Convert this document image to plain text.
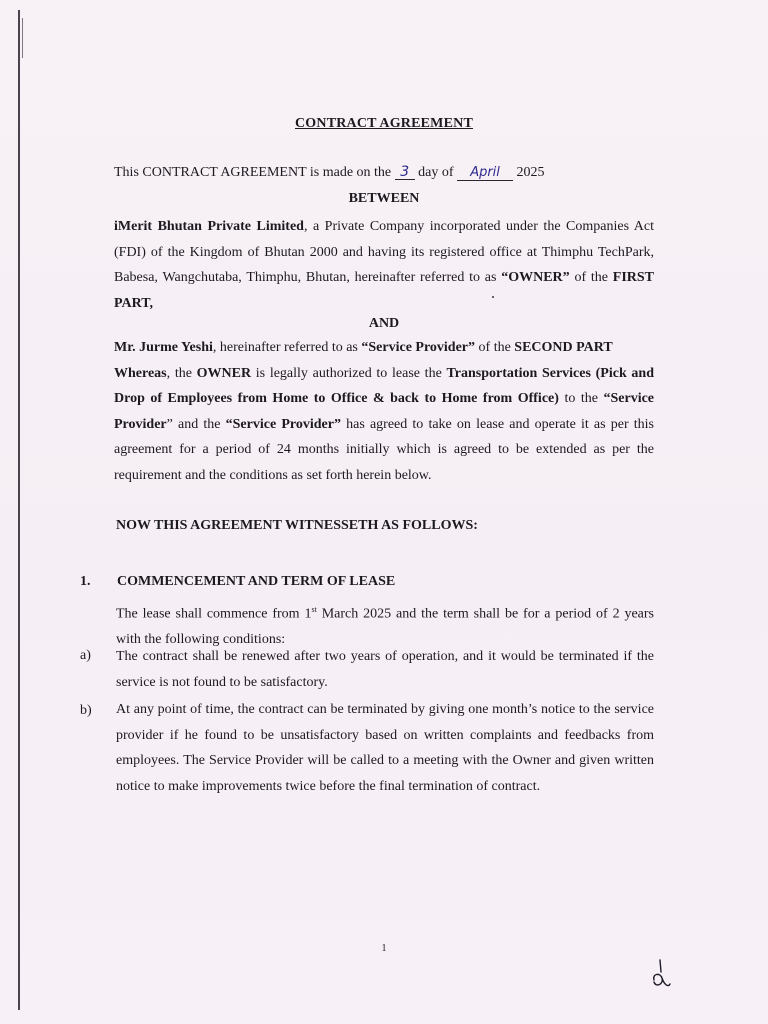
CONTRACT AGREEMENT
This CONTRACT AGREEMENT is made on the 3 day of April 2025
BETWEEN
iMerit Bhutan Private Limited, a Private Company incorporated under the Companies Act (FDI) of the Kingdom of Bhutan 2000 and having its registered office at Thimphu TechPark, Babesa, Wangchutaba, Thimphu, Bhutan, hereinafter referred to as “OWNER” of the FIRST PART,
AND
Mr. Jurme Yeshi, hereinafter referred to as “Service Provider” of the SECOND PART
Whereas, the OWNER is legally authorized to lease the Transportation Services (Pick and Drop of Employees from Home to Office & back to Home from Office) to the “Service Provider” and the “Service Provider” has agreed to take on lease and operate it as per this agreement for a period of 24 months initially which is agreed to be extended as per the requirement and the conditions as set forth herein below.
NOW THIS AGREEMENT WITNESSETH AS FOLLOWS:
1. COMMENCEMENT AND TERM OF LEASE
The lease shall commence from 1st March 2025 and the term shall be for a period of 2 years with the following conditions:
a) The contract shall be renewed after two years of operation, and it would be terminated if the service is not found to be satisfactory.
b) At any point of time, the contract can be terminated by giving one month’s notice to the service provider if he found to be unsatisfactory based on written complaints and feedbacks from employees. The Service Provider will be called to a meeting with the Owner and given written notice to make improvements twice before the final termination of contract.
1
